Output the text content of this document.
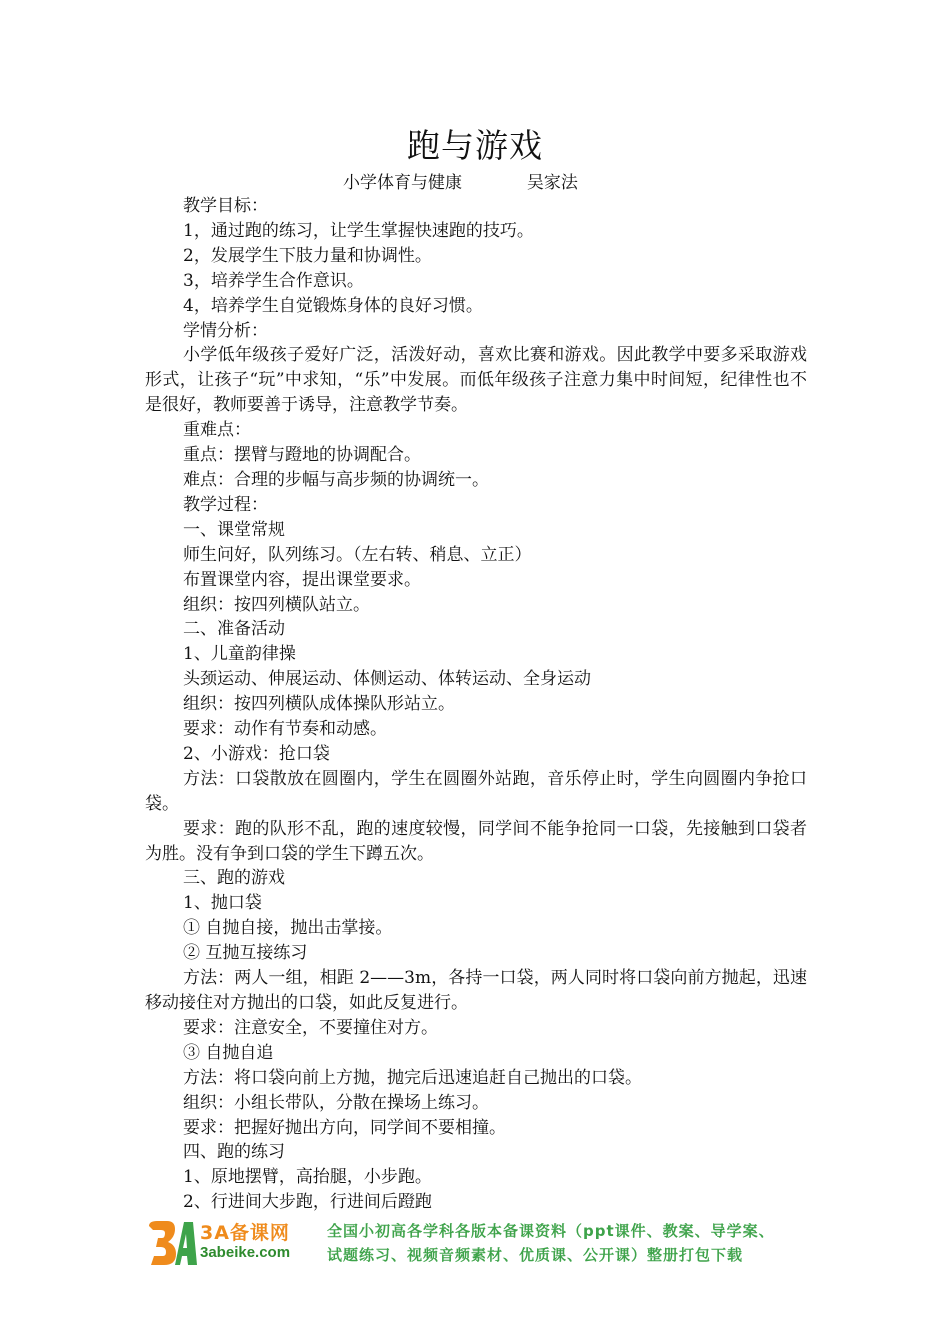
跑与游戏
小学体育与健康            吴家法

教学目标：

1，通过跑的练习，让学生掌握快速跑的技巧。

2，发展学生下肢力量和协调性。

3，培养学生合作意识。

4，培养学生自觉锻炼身体的良好习惯。

学情分析：

小学低年级孩子爱好广泛，活泼好动，喜欢比赛和游戏。因此教学中要多采取游戏形式，让孩子“玩”中求知，“乐”中发展。而低年级孩子注意力集中时间短，纪律性也不是很好，教师要善于诱导，注意教学节奏。

重难点：

重点：摆臂与蹬地的协调配合。

难点：合理的步幅与高步频的协调统一。

教学过程：

一、课堂常规

师生问好，队列练习。（左右转、稍息、立正）

布置课堂内容，提出课堂要求。

组织：按四列横队站立。

二、准备活动

1、儿童韵律操

头颈运动、伸展运动、体侧运动、体转运动、全身运动

组织：按四列横队成体操队形站立。

要求：动作有节奏和动感。

2、小游戏：抢口袋

方法：口袋散放在圆圈内，学生在圆圈外站跑，音乐停止时，学生向圆圈内争抢口袋。

要求：跑的队形不乱，跑的速度较慢，同学间不能争抢同一口袋，先接触到口袋者为胜。没有争到口袋的学生下蹲五次。

三、跑的游戏

1、抛口袋

① 自抛自接，抛出击掌接。

② 互抛互接练习

方法：两人一组，相距 2——3m，各持一口袋，两人同时将口袋向前方抛起，迅速移动接住对方抛出的口袋，如此反复进行。

要求：注意安全，不要撞住对方。

③ 自抛自追

方法：将口袋向前上方抛，抛完后迅速追赶自己抛出的口袋。

组织：小组长带队，分散在操场上练习。

要求：把握好抛出方向，同学间不要相撞。

四、跑的练习

1、原地摆臂，高抬腿，小步跑。

2、行进间大步跑，行进间后蹬跑

3A备课网
3abeike.com
全国小初高各学科各版本备课资料（ppt课件、教案、导学案、
试题练习、视频音频素材、优质课、公开课）整册打包下载
